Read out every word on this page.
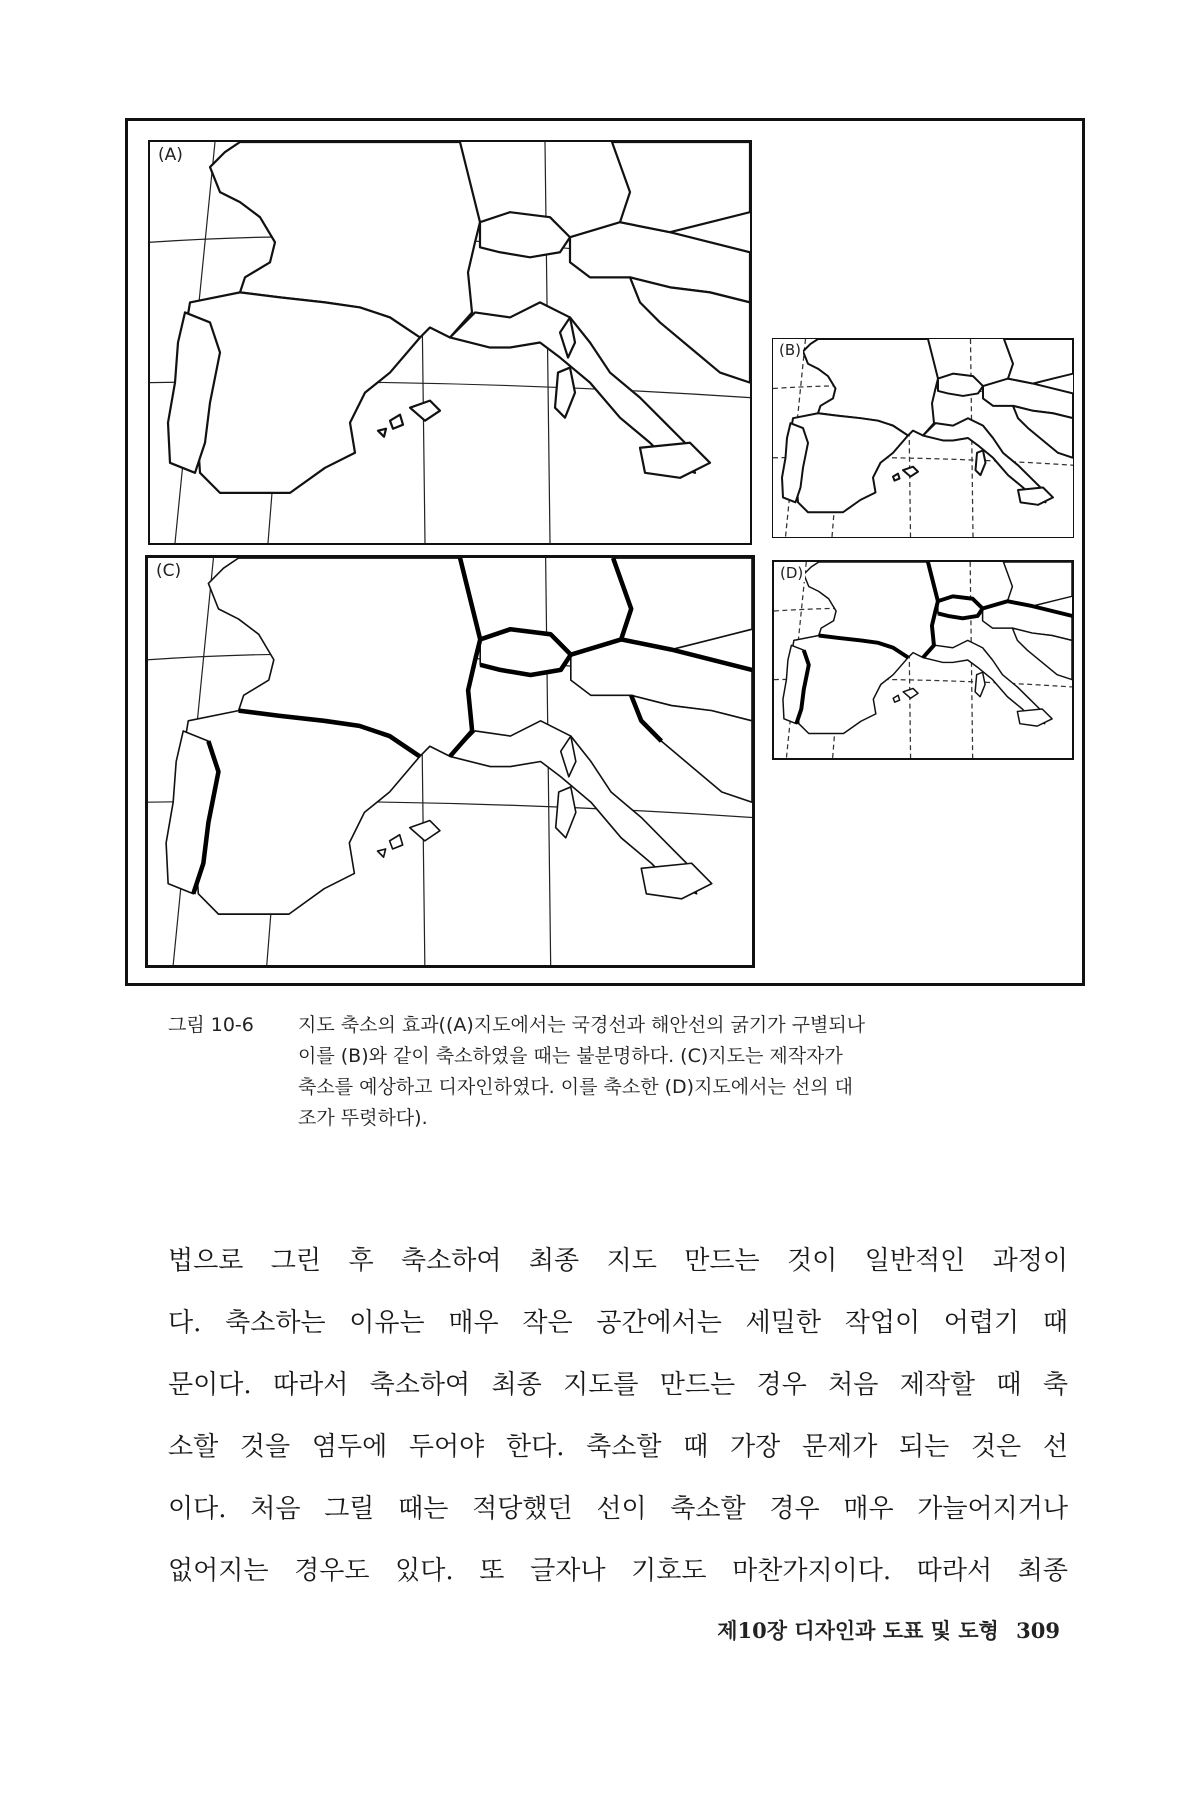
(A)
(B)
(C)	(D)
그림 10-6	지도 축소의 효과((A)지도에서는 국경선과 해안선의 굵기가 구별되나
이를 (B)와 같이 축소하였을 때는 불분명하다. (C)지도는 제작자가
축소를 예상하고 디자인하였다. 이를 축소한 (D)지도에서는 선의 대
조가 뚜렷하다).
법으로 그린 후 축소하여 최종 지도 만드는 것이 일반적인 과정이
다. 축소하는 이유는 매우 작은 공간에서는 세밀한 작업이 어렵기 때
문이다. 따라서 축소하여 최종 지도를 만드는 경우 처음 제작할 때 축
소할 것을 염두에 두어야 한다. 축소할 때 가장 문제가 되는 것은 선
이다. 처음 그릴 때는 적당했던 선이 축소할 경우 매우 가늘어지거나
없어지는 경우도 있다. 또 글자나 기호도 마찬가지이다. 따라서 최종
제10장 디자인과 도표 및 도형 309
